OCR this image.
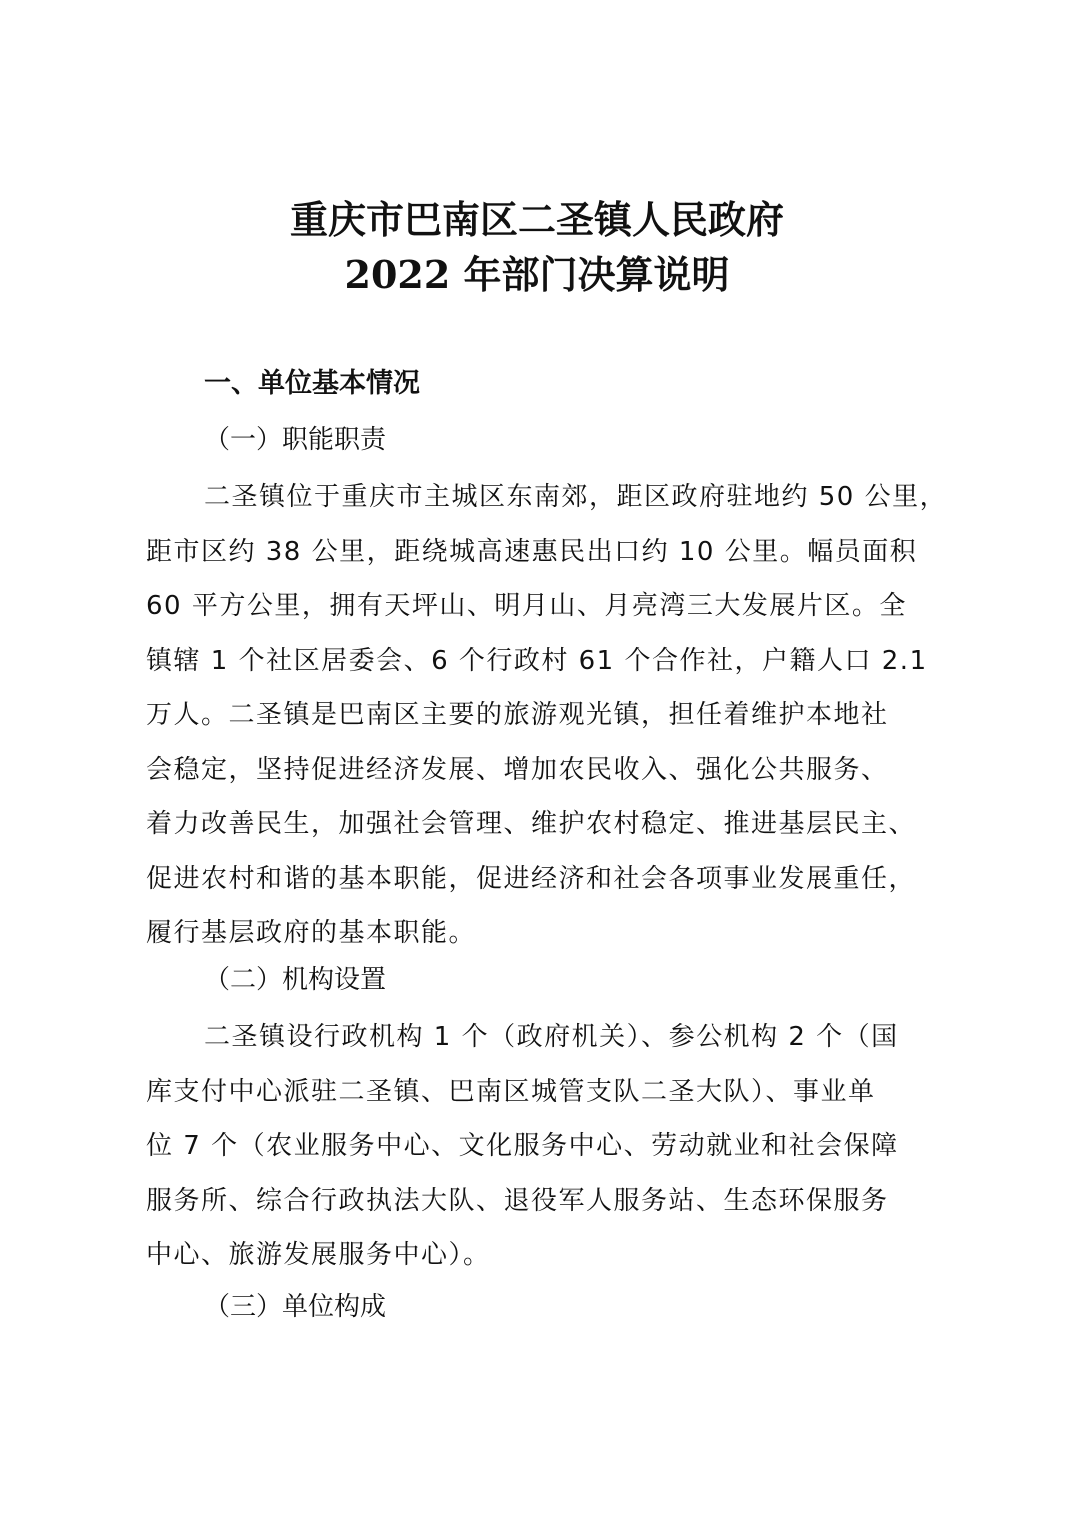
重庆市巴南区二圣镇人民政府
2022 年部门决算说明
一、单位基本情况
（一）职能职责
二圣镇位于重庆市主城区东南郊，距区政府驻地约 50 公里，
距市区约 38 公里，距绕城高速惠民出口约 10 公里。幅员面积
60 平方公里，拥有天坪山、明月山、月亮湾三大发展片区。全
镇辖 1 个社区居委会、6 个行政村 61 个合作社，户籍人口 2.1
万人。二圣镇是巴南区主要的旅游观光镇，担任着维护本地社
会稳定，坚持促进经济发展、增加农民收入、强化公共服务、
着力改善民生，加强社会管理、维护农村稳定、推进基层民主、
促进农村和谐的基本职能，促进经济和社会各项事业发展重任，
履行基层政府的基本职能。
（二）机构设置
二圣镇设行政机构 1 个（政府机关）、参公机构 2 个（国
库支付中心派驻二圣镇、巴南区城管支队二圣大队）、事业单
位 7 个（农业服务中心、文化服务中心、劳动就业和社会保障
服务所、综合行政执法大队、退役军人服务站、生态环保服务
中心、旅游发展服务中心）。
（三）单位构成
